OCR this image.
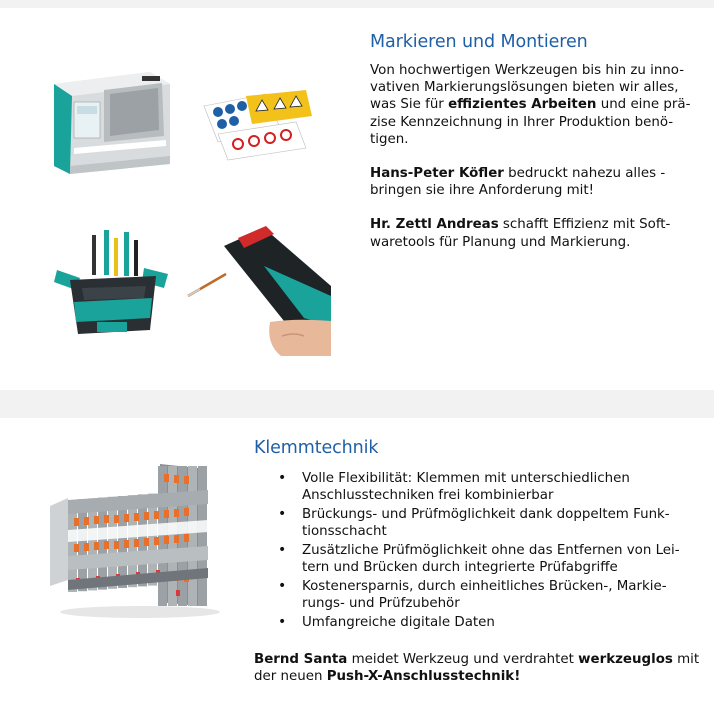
Markieren und Montieren

Von hochwertigen Werkzeugen bis hin zu inno- vativen Markierungslösungen bieten wir alles, was Sie für effizientes Arbeiten und eine prä- zise Kennzeichnung in Ihrer Produktion benö- tigen.

Hans-Peter Köfler bedruckt nahezu alles - bringen sie ihre Anforderung mit!

Hr. Zettl Andreas schafft Effizienz mit Soft- waretools für Planung und Markierung.

Klemmtechnik
• Volle Flexibilität: Klemmen mit unterschiedlichen Anschlusstechniken frei kombinierbar
• Brückungs- und Prüfmöglichkeit dank doppeltem Funk- tionsschacht
• Zusätzliche Prüfmöglichkeit ohne das Entfernen von Lei- tern und Brücken durch integrierte Prüfabgriffe
• Kostenersparnis, durch einheitliches Brücken-, Markie- rungs- und Prüfzubehör
• Umfangreiche digitale Daten

Bernd Santa meidet Werkzeug und verdrahtet werkzeuglos mit der neuen Push-X-Anschlusstechnik!
